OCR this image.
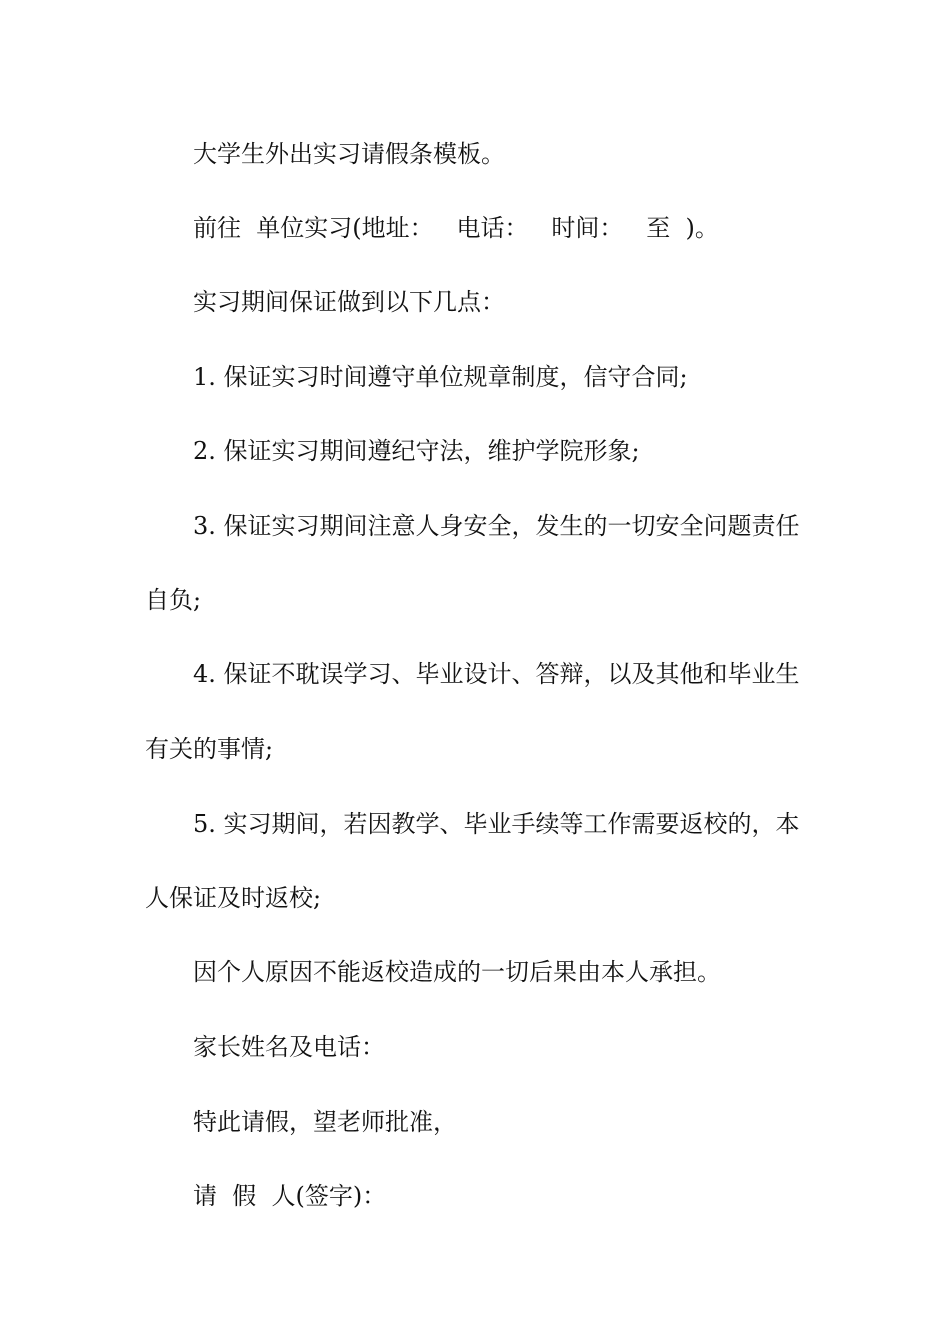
大学生外出实习请假条模板。
前往  单位实习(地址：   电话：   时间：   至  )。
实习期间保证做到以下几点：
1. 保证实习时间遵守单位规章制度，信守合同;
2. 保证实习期间遵纪守法，维护学院形象;
3. 保证实习期间注意人身安全，发生的一切安全问题责任
自负;
4. 保证不耽误学习、毕业设计、答辩，以及其他和毕业生
有关的事情;
5. 实习期间，若因教学、毕业手续等工作需要返校的，本
人保证及时返校;
因个人原因不能返校造成的一切后果由本人承担。
家长姓名及电话：
特此请假，望老师批准，
请  假  人(签字)：
